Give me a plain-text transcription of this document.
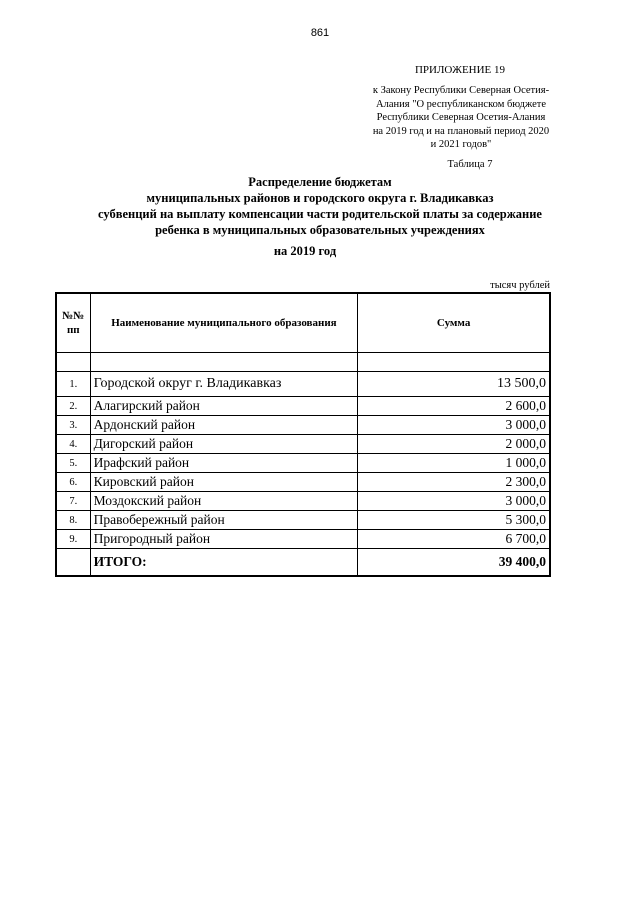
861
ПРИЛОЖЕНИЕ 19
к Закону Республики Северная Осетия-
Алания "О республиканском бюджете
Республики Северная Осетия-Алания
на 2019 год и на плановый период 2020
и 2021 годов"
Таблица 7
Распределение бюджетам
муниципальных районов и городского округа г. Владикавказ
субвенций на выплату компенсации части родительской платы за содержание
ребенка в муниципальных образовательных учреждениях
на 2019 год
тысяч рублей
№№ пп	Наименование муниципального образования	Сумма

1.	Городской округ г. Владикавказ	13 500,0
2.	Алагирский район	2 600,0
3.	Ардонский район	3 000,0
4.	Дигорский район	2 000,0
5.	Ирафский район	1 000,0
6.	Кировский район	2 300,0
7.	Моздокский район	3 000,0
8.	Правобережный район	5 300,0
9.	Пригородный район	6 700,0
	ИТОГО:	39 400,0
